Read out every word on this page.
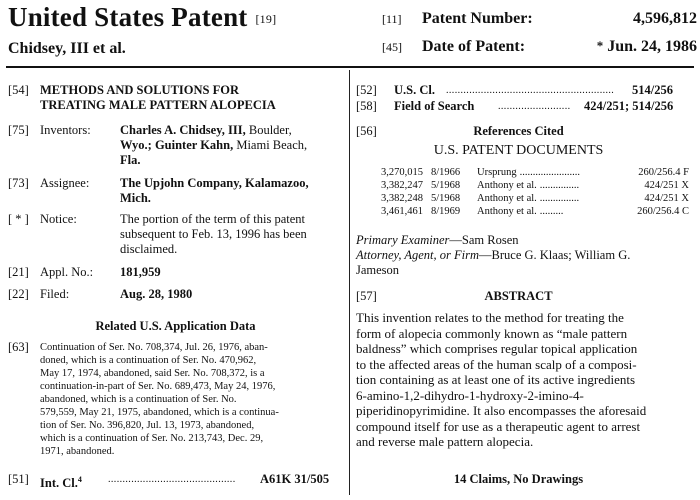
United States Patent [19]
Chidsey, III et al.
[11] Patent Number:	4,596,812
[45] Date of Patent:	* Jun. 24, 1986
[54] METHODS AND SOLUTIONS FOR
TREATING MALE PATTERN ALOPECIA
[75] Inventors: Charles A. Chidsey, III, Boulder,
Wyo.; Guinter Kahn, Miami Beach,
Fla.
[73] Assignee: The Upjohn Company, Kalamazoo,
Mich.
[ * ] Notice:	The portion of the term of this patent
subsequent to Feb. 13, 1996 has been
disclaimed.
[21] Appl. No.: 181,959
[22] Filed:	Aug. 28, 1980
Related U.S. Application Data
[63] Continuation of Ser. No. 708,374, Jul. 26, 1976, aban-
doned, which is a continuation of Ser. No. 470,962,
May 17, 1974, abandoned, said Ser. No. 708,372, is a
continuation-in-part of Ser. No. 689,473, May 24, 1976,
abandoned, which is a continuation of Ser. No.
579,559, May 21, 1975, abandoned, which is a continua-
tion of Ser. No. 396,820, Jul. 13, 1973, abandoned,
which is a continuation of Ser. No. 213,743, Dec. 29,
1971, abandoned.
[51] Int. Cl.$^4$	............................................	A61K 31/505
[52] U.S. Cl. ..........................................................	514/256
[58] Field of Search .........................	424/251; 514/256
[56]	References Cited
U.S. PATENT DOCUMENTS
3,270,015 8/1966 Ursprung .......................	260/256.4 F
3,382,247 5/1968 Anthony et al. ...............	424/251 X
3,382,248 5/1968 Anthony et al. ...............	424/251 X
3,461,461 8/1969 Anthony et al. .........	260/256.4 C
Primary Examiner—Sam Rosen
Attorney, Agent, or Firm—Bruce G. Klaas; William G.
Jameson
[57]	ABSTRACT
This invention relates to the method for treating the
form of alopecia commonly known as “male pattern
baldness” which comprises regular topical application
to the affected areas of the human scalp of a composi-
tion containing as at least one of its active ingredients
6-amino-1,2-dihydro-1-hydroxy-2-imino-4-
piperidinopyrimidine. It also encompasses the aforesaid
compound itself for use as a therapeutic agent to arrest
and reverse male pattern alopecia.
14 Claims, No Drawings
